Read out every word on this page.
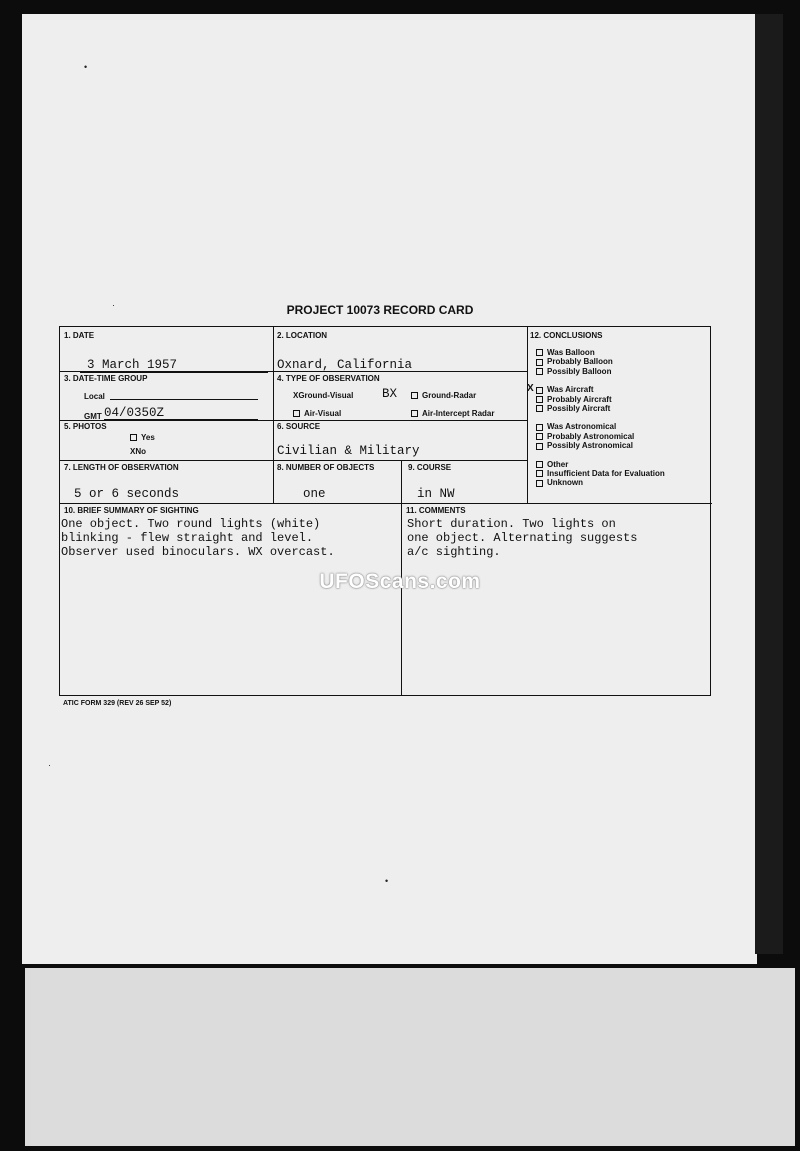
PROJECT 10073 RECORD CARD
1. DATE
3 March 1957
2. LOCATION
Oxnard, California
3. DATE-TIME GROUP
Local
GMT 04/0350Z
4. TYPE OF OBSERVATION
XGround-Visual BX	Ground-Radar
Air-Visual	Air-Intercept Radar
5. PHOTOS
Yes
XNo
6. SOURCE
Civilian & Military
7. LENGTH OF OBSERVATION
5 or 6 seconds
8. NUMBER OF OBJECTS
one
9. COURSE
in NW
10. BRIEF SUMMARY OF SIGHTING
One object. Two round lights (white)
blinking - flew straight and level.
Observer used binoculars. WX overcast.
11. COMMENTS
Short duration. Two lights on
one object. Alternating suggests
a/c sighting.
12. CONCLUSIONS
Was Balloon
Probably Balloon
Possibly Balloon
X Was Aircraft
Probably Aircraft
Possibly Aircraft
Was Astronomical
Probably Astronomical
Possibly Astronomical
Other
Insufficient Data for Evaluation
Unknown
ATIC FORM 329 (REV 26 SEP 52)
UFOScans.com
•
•
·
·
